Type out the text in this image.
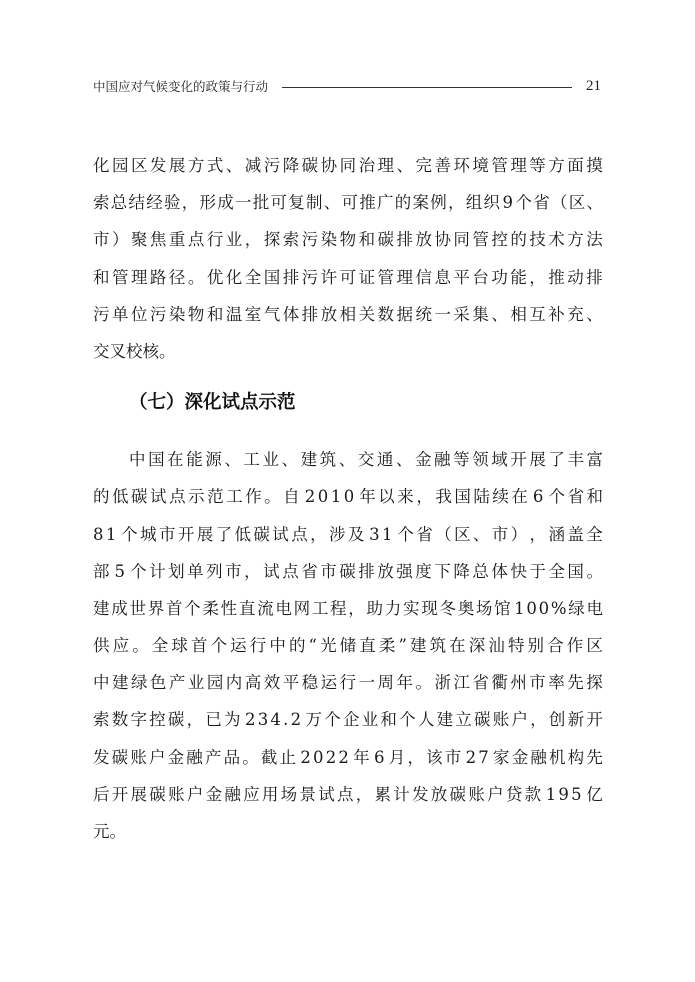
中国应对气候变化的政策与行动	21
化 园 区 发 展 方 式 、 减 污 降 碳 协 同 治 理 、 完 善 环 境 管 理 等 方 面 摸
索 总 结 经 验 ， 形 成 一 批 可 复 制 、 可 推 广 的 案 例 ， 组 织 9 个 省 （ 区 、
市 ） 聚 焦 重 点 行 业 ， 探 索 污 染 物 和 碳 排 放 协 同 管 控 的 技 术 方 法
和 管 理 路 径 。 优 化 全 国 排 污 许 可 证 管 理 信 息 平 台 功 能 ， 推 动 排
污 单 位 污 染 物 和 温 室 气 体 排 放 相 关 数 据 统 一 采 集 、 相 互 补 充 、
交叉校核。
（七）深化试点示范
中 国 在 能 源 、 工 业 、 建 筑 、 交 通 、 金 融 等 领 域 开 展 了 丰 富
的 低 碳 试 点 示 范 工 作 。 自 2 0 1 0 年 以 来 ， 我 国 陆 续 在 6 个 省 和
8 1 个 城 市 开 展 了 低 碳 试 点 ， 涉 及 3 1 个 省 （ 区 、 市 ） ， 涵 盖 全
部 5 个 计 划 单 列 市 ， 试 点 省 市 碳 排 放 强 度 下 降 总 体 快 于 全 国 。
建 成 世 界 首 个 柔 性 直 流 电 网 工 程 ， 助 力 实 现 冬 奥 场 馆 1 0 0 % 绿 电
供 应 。 全 球 首 个 运 行 中 的 “ 光 储 直 柔 ” 建 筑 在 深 汕 特 别 合 作 区
中 建 绿 色 产 业 园 内 高 效 平 稳 运 行 一 周 年 。 浙 江 省 衢 州 市 率 先 探
索 数 字 控 碳 ， 已 为 2 3 4 . 2 万 个 企 业 和 个 人 建 立 碳 账 户 ， 创 新 开
发 碳 账 户 金 融 产 品 。 截 止 2 0 2 2 年 6 月 ， 该 市 2 7 家 金 融 机 构 先
后 开 展 碳 账 户 金 融 应 用 场 景 试 点 ， 累 计 发 放 碳 账 户 贷 款 1 9 5 亿
元。
